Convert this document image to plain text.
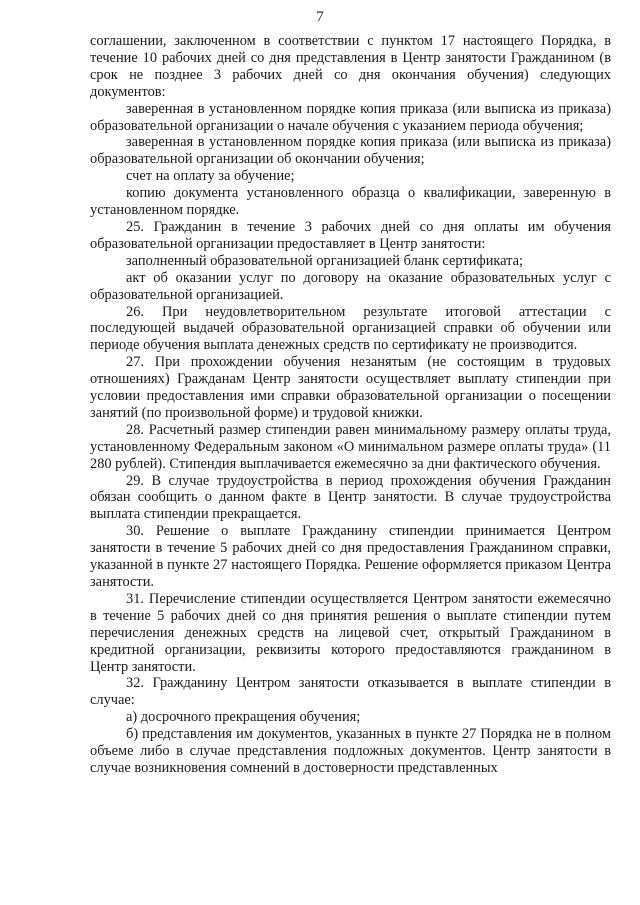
7

соглашении, заключенном в соответствии с пунктом 17 настоящего Порядка, в течение 10 рабочих дней со дня представления в Центр занятости Гражданином (в срок не позднее 3 рабочих дней со дня окончания обучения) следующих документов:

заверенная в установленном порядке копия приказа (или выписка из приказа) образовательной организации о начале обучения с указанием периода обучения;

заверенная в установленном порядке копия приказа (или выписка из приказа) образовательной организации об окончании обучения;

счет на оплату за обучение;

копию документа установленного образца о квалификации, заверенную в установленном порядке.

25. Гражданин в течение 3 рабочих дней со дня оплаты им обучения образовательной организации предоставляет в Центр занятости:

заполненный образовательной организацией бланк сертификата;

акт об оказании услуг по договору на оказание образовательных услуг с образовательной организацией.

26. При неудовлетворительном результате итоговой аттестации с последующей выдачей образовательной организацией справки об обучении или периоде обучения выплата денежных средств по сертификату не производится.

27. При прохождении обучения незанятым (не состоящим в трудовых отношениях) Гражданам Центр занятости осуществляет выплату стипендии при условии предоставления ими справки образовательной организации о посещении занятий (по произвольной форме) и трудовой книжки.

28. Расчетный размер стипендии равен минимальному размеру оплаты труда, установленному Федеральным законом «О минимальном размере оплаты труда» (11 280 рублей). Стипендия выплачивается ежемесячно за дни фактического обучения.

29. В случае трудоустройства в период прохождения обучения Гражданин обязан сообщить о данном факте в Центр занятости. В случае трудоустройства выплата стипендии прекращается.

30. Решение о выплате Гражданину стипендии принимается Центром занятости в течение 5 рабочих дней со дня предоставления Гражданином справки, указанной в пункте 27 настоящего Порядка. Решение оформляется приказом Центра занятости.

31. Перечисление стипендии осуществляется Центром занятости ежемесячно в течение 5 рабочих дней со дня принятия решения о выплате стипендии путем перечисления денежных средств на лицевой счет, открытый Гражданином в кредитной организации, реквизиты которого предоставляются гражданином в Центр занятости.

32. Гражданину Центром занятости отказывается в выплате стипендии в случае:

а) досрочного прекращения обучения;

б) представления им документов, указанных в пункте 27 Порядка не в полном объеме либо в случае представления подложных документов. Центр занятости в случае возникновения сомнений в достоверности представленных
